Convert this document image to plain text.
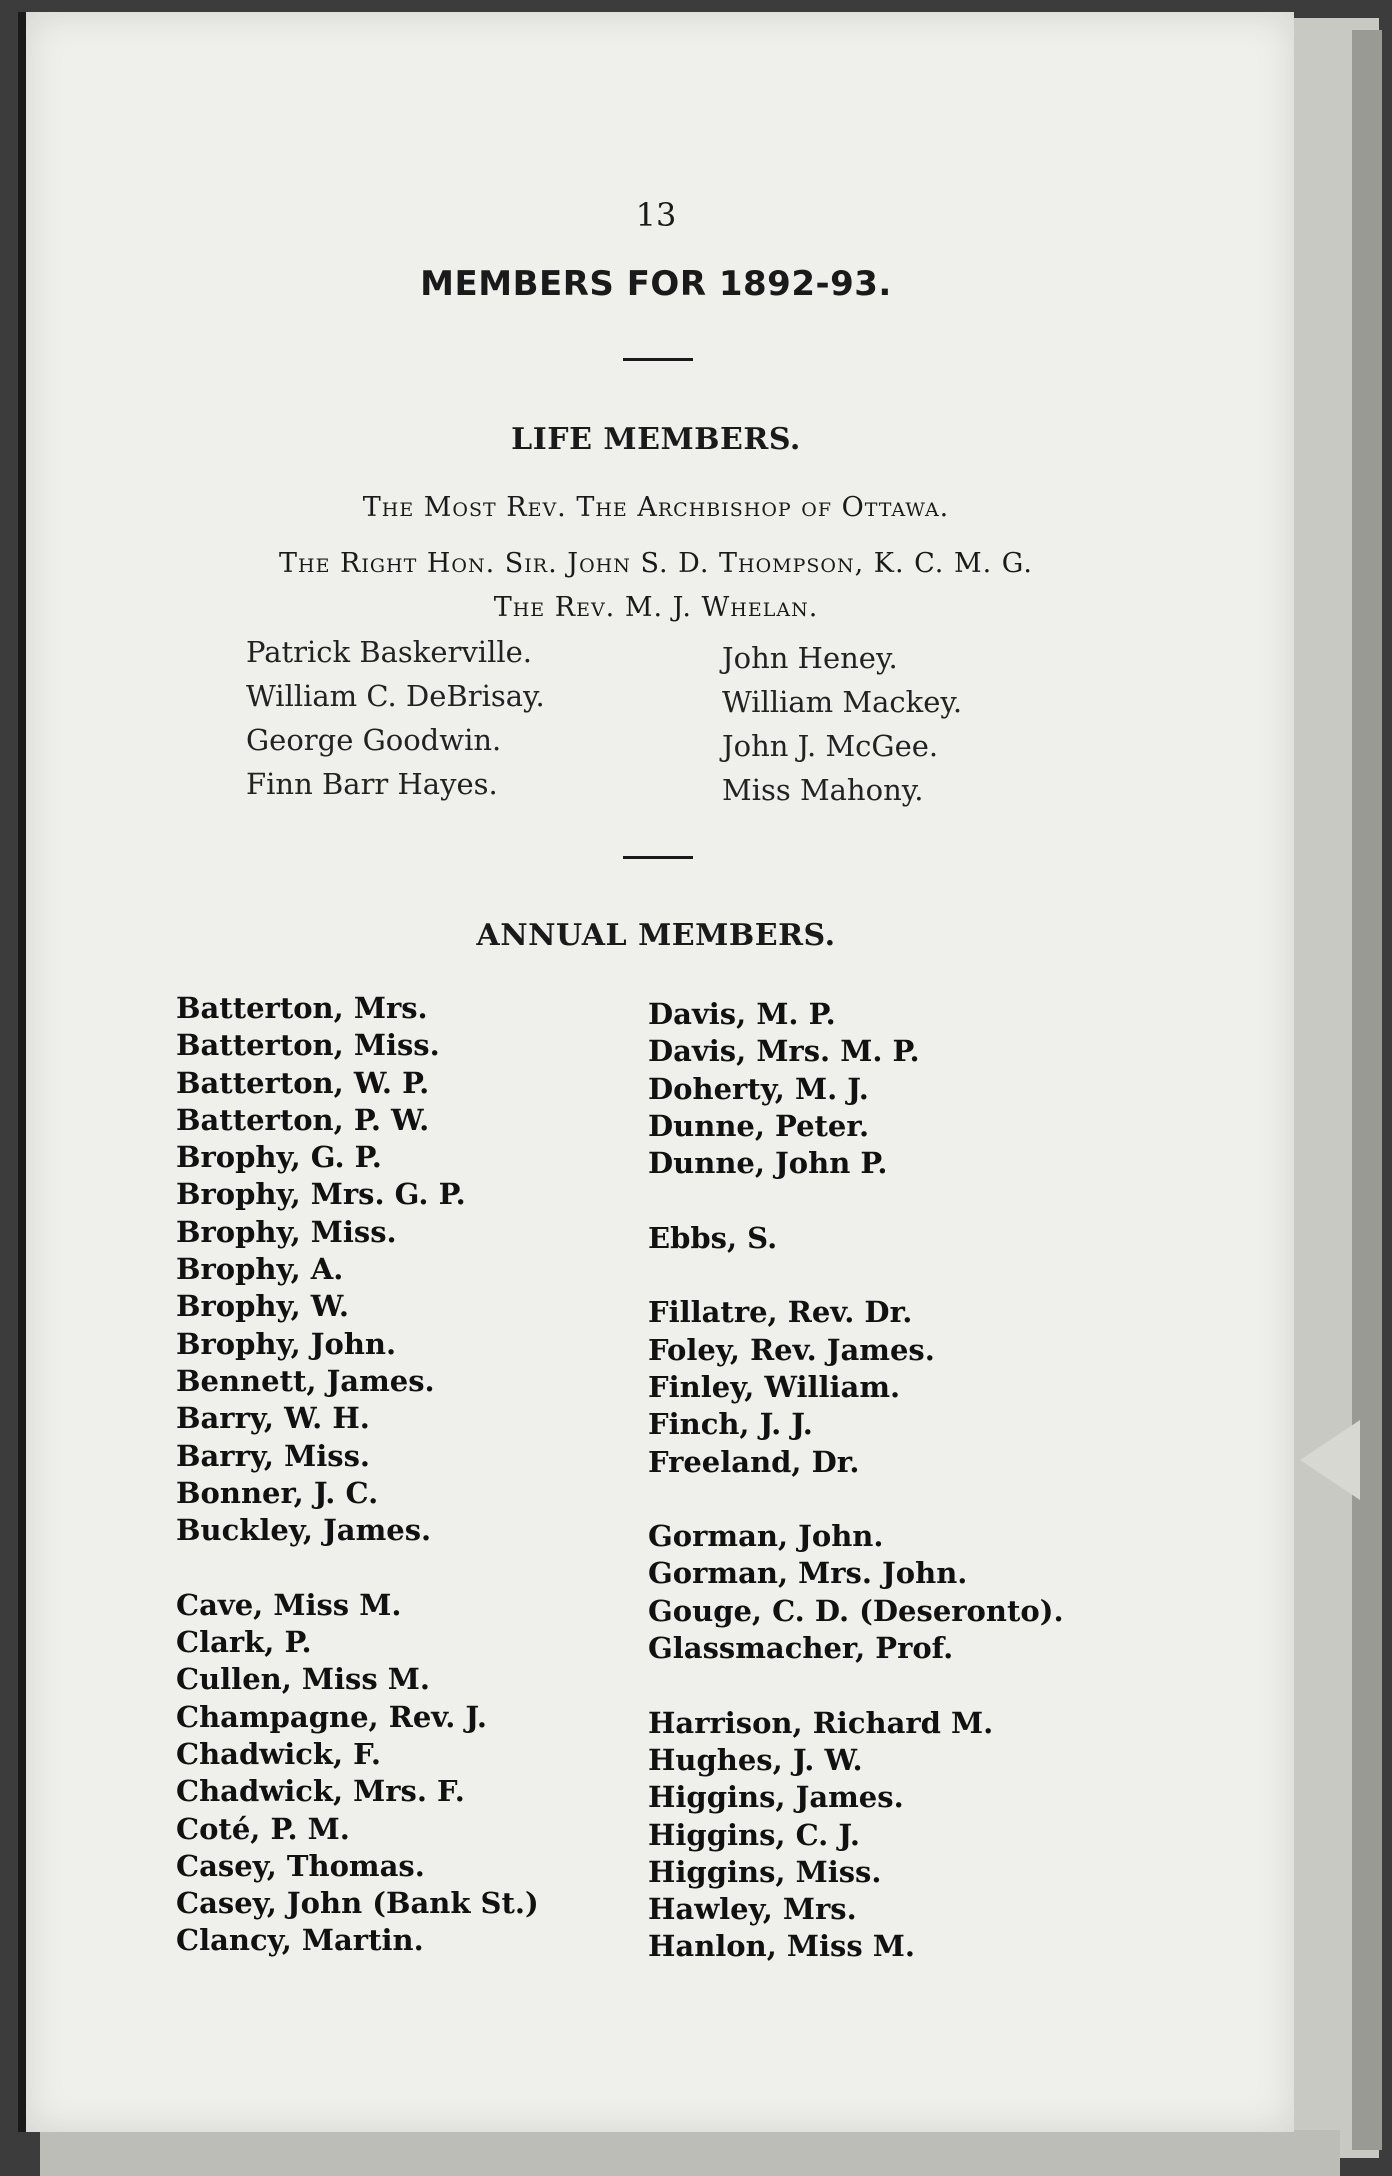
13

MEMBERS FOR 1892-93.
LIFE MEMBERS.

The Most Rev. The Archbishop of Ottawa.

The Right Hon. Sir. John S. D. Thompson, K. C. M. G.

The Rev. M. J. Whelan.

Patrick Baskerville.
William C. DeBrisay.
George Goodwin.
Finn Barr Hayes.
John Heney.
William Mackey.
John J. McGee.
Miss Mahony.
ANNUAL MEMBERS.
Batterton, Mrs.
Batterton, Miss.
Batterton, W. P.
Batterton, P. W.
Brophy, G. P.
Brophy, Mrs. G. P.
Brophy, Miss.
Brophy, A.
Brophy, W.
Brophy, John.
Bennett, James.
Barry, W. H.
Barry, Miss.
Bonner, J. C.
Buckley, James.
Cave, Miss M.
Clark, P.
Cullen, Miss M.
Champagne, Rev. J.
Chadwick, F.
Chadwick, Mrs. F.
Coté, P. M.
Casey, Thomas.
Casey, John (Bank St.)
Clancy, Martin.
Davis, M. P.
Davis, Mrs. M. P.
Doherty, M. J.
Dunne, Peter.
Dunne, John P.
Ebbs, S.
Fillatre, Rev. Dr.
Foley, Rev. James.
Finley, William.
Finch, J. J.
Freeland, Dr.
Gorman, John.
Gorman, Mrs. John.
Gouge, C. D. (Deseronto).
Glassmacher, Prof.
Harrison, Richard M.
Hughes, J. W.
Higgins, James.
Higgins, C. J.
Higgins, Miss.
Hawley, Mrs.
Hanlon, Miss M.
